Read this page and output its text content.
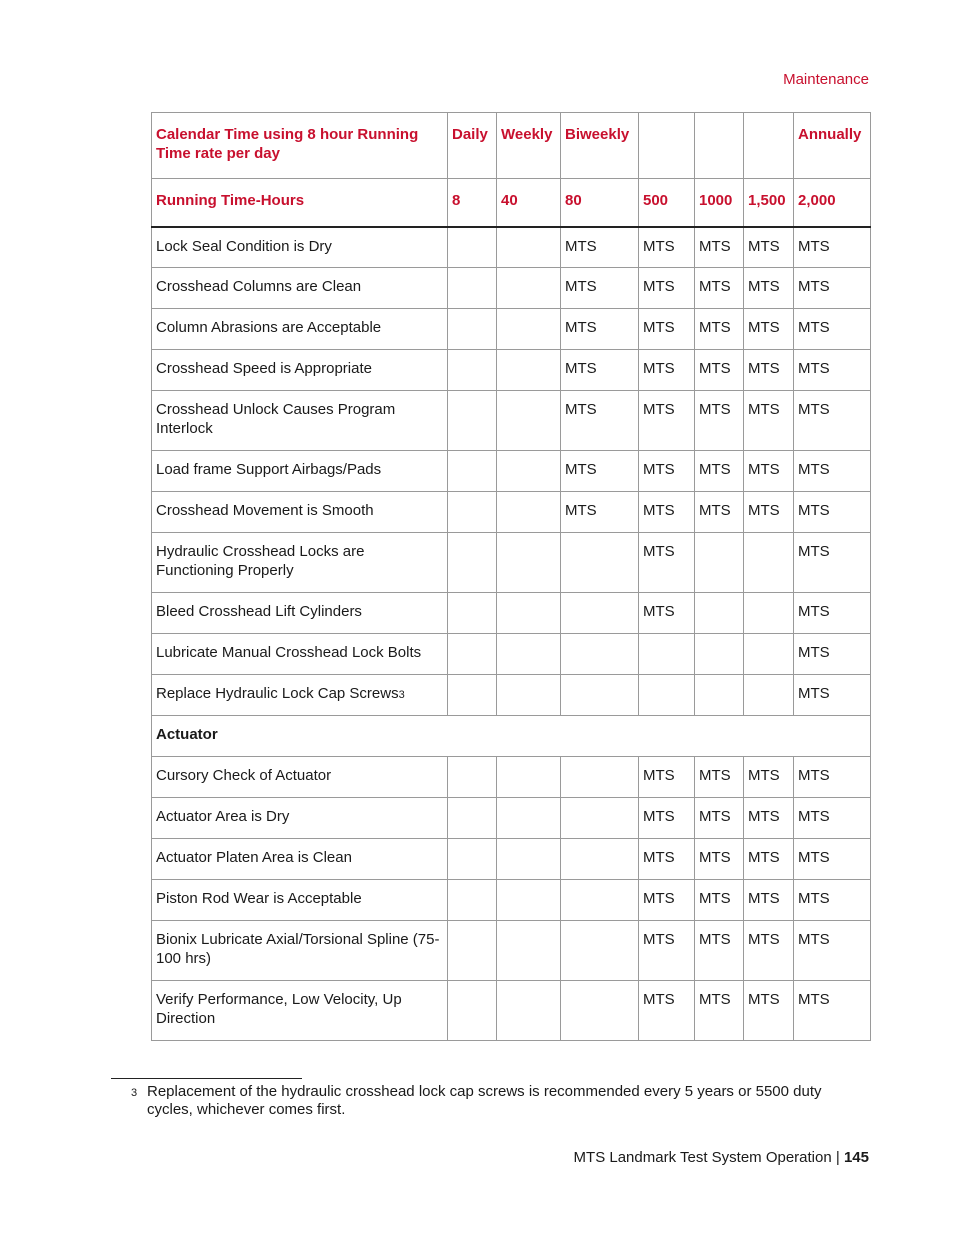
Maintenance
Calendar Time using 8 hour Running Time rate per day	Daily	Weekly	Biweekly				Annually
Running Time-Hours	8	40	80	500	1000	1,500	2,000
Lock Seal Condition is Dry			MTS	MTS	MTS	MTS	MTS
Crosshead Columns are Clean			MTS	MTS	MTS	MTS	MTS
Column Abrasions are Acceptable			MTS	MTS	MTS	MTS	MTS
Crosshead Speed is Appropriate			MTS	MTS	MTS	MTS	MTS
Crosshead Unlock Causes Program Interlock			MTS	MTS	MTS	MTS	MTS
Load frame Support Airbags/Pads			MTS	MTS	MTS	MTS	MTS
Crosshead Movement is Smooth			MTS	MTS	MTS	MTS	MTS
Hydraulic Crosshead Locks are Functioning Properly				MTS			MTS
Bleed Crosshead Lift Cylinders				MTS			MTS
Lubricate Manual Crosshead Lock Bolts							MTS
Replace Hydraulic Lock Cap Screws3							MTS
Actuator							
Cursory Check of Actuator				MTS	MTS	MTS	MTS
Actuator Area is Dry				MTS	MTS	MTS	MTS
Actuator Platen Area is Clean				MTS	MTS	MTS	MTS
Piston Rod Wear is Acceptable				MTS	MTS	MTS	MTS
Bionix Lubricate Axial/Torsional Spline (75-100 hrs)				MTS	MTS	MTS	MTS
Verify Performance, Low Velocity, Up Direction				MTS	MTS	MTS	MTS
3 Replacement of the hydraulic crosshead lock cap screws is recommended every 5 years or 5500 duty cycles, whichever comes first.
MTS Landmark Test System Operation | 145
